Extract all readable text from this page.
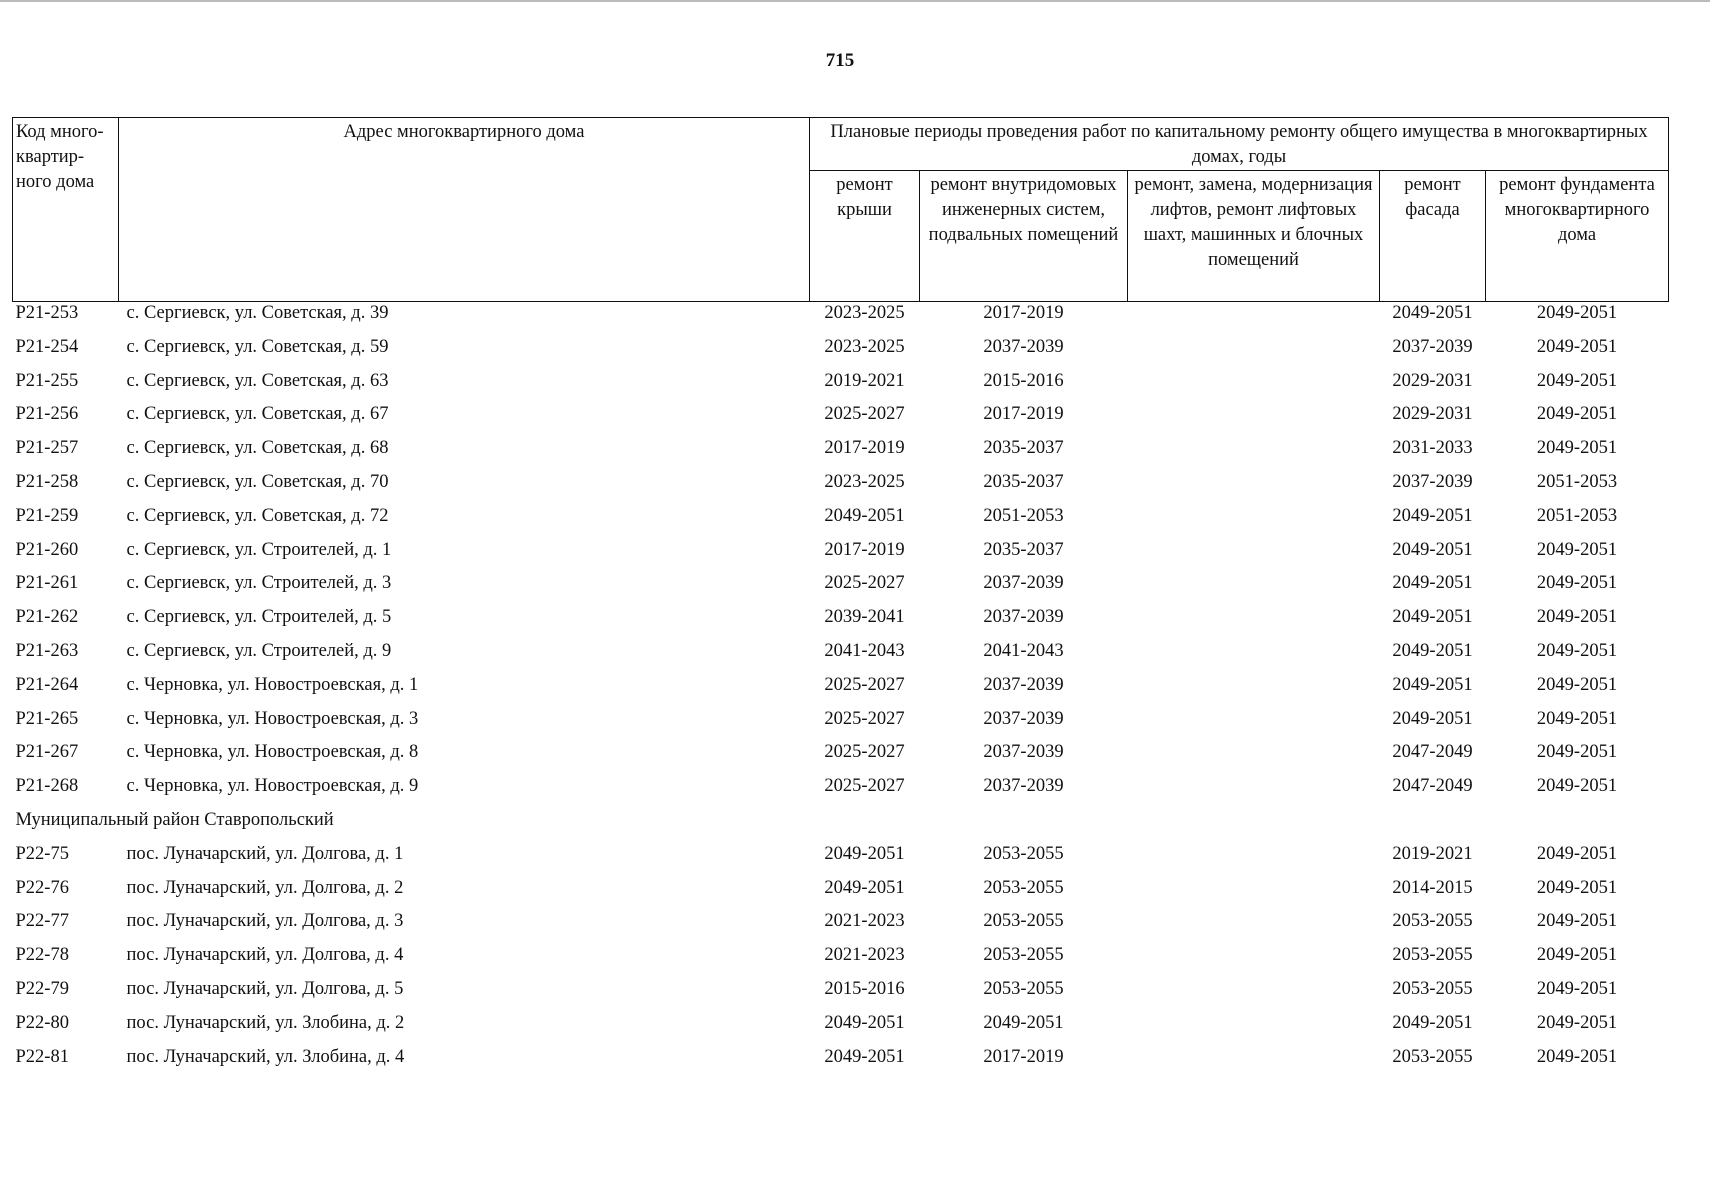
715
Код много-квартир-ного дома	Адрес многоквартирного дома	Плановые периоды проведения работ по капитальному ремонту общего имущества в многоквартирных домах, годы				
		ремонт крыши	ремонт внутридомовых инженерных систем, подвальных помещений	ремонт, замена, модернизация лифтов, ремонт лифтовых шахт, машинных и блочных помещений	ремонт фасада	ремонт фундамента многоквартирного дома
P21-253	с. Сергиевск, ул. Советская, д. 39	2023-2025	2017-2019		2049-2051	2049-2051
P21-254	с. Сергиевск, ул. Советская, д. 59	2023-2025	2037-2039		2037-2039	2049-2051
P21-255	с. Сергиевск, ул. Советская, д. 63	2019-2021	2015-2016		2029-2031	2049-2051
P21-256	с. Сергиевск, ул. Советская, д. 67	2025-2027	2017-2019		2029-2031	2049-2051
P21-257	с. Сергиевск, ул. Советская, д. 68	2017-2019	2035-2037		2031-2033	2049-2051
P21-258	с. Сергиевск, ул. Советская, д. 70	2023-2025	2035-2037		2037-2039	2051-2053
P21-259	с. Сергиевск, ул. Советская, д. 72	2049-2051	2051-2053		2049-2051	2051-2053
P21-260	с. Сергиевск, ул. Строителей, д. 1	2017-2019	2035-2037		2049-2051	2049-2051
P21-261	с. Сергиевск, ул. Строителей, д. 3	2025-2027	2037-2039		2049-2051	2049-2051
P21-262	с. Сергиевск, ул. Строителей, д. 5	2039-2041	2037-2039		2049-2051	2049-2051
P21-263	с. Сергиевск, ул. Строителей, д. 9	2041-2043	2041-2043		2049-2051	2049-2051
P21-264	с. Черновка, ул. Новостроевская, д. 1	2025-2027	2037-2039		2049-2051	2049-2051
P21-265	с. Черновка, ул. Новостроевская, д. 3	2025-2027	2037-2039		2049-2051	2049-2051
P21-267	с. Черновка, ул. Новостроевская, д. 8	2025-2027	2037-2039		2047-2049	2049-2051
P21-268	с. Черновка, ул. Новостроевская, д. 9	2025-2027	2037-2039		2047-2049	2049-2051
Муниципальный район Ставропольский						
P22-75	пос. Луначарский, ул. Долгова, д. 1	2049-2051	2053-2055		2019-2021	2049-2051
P22-76	пос. Луначарский, ул. Долгова, д. 2	2049-2051	2053-2055		2014-2015	2049-2051
P22-77	пос. Луначарский, ул. Долгова, д. 3	2021-2023	2053-2055		2053-2055	2049-2051
P22-78	пос. Луначарский, ул. Долгова, д. 4	2021-2023	2053-2055		2053-2055	2049-2051
P22-79	пос. Луначарский, ул. Долгова, д. 5	2015-2016	2053-2055		2053-2055	2049-2051
P22-80	пос. Луначарский, ул. Злобина, д. 2	2049-2051	2049-2051		2049-2051	2049-2051
P22-81	пос. Луначарский, ул. Злобина, д. 4	2049-2051	2017-2019		2053-2055	2049-2051
